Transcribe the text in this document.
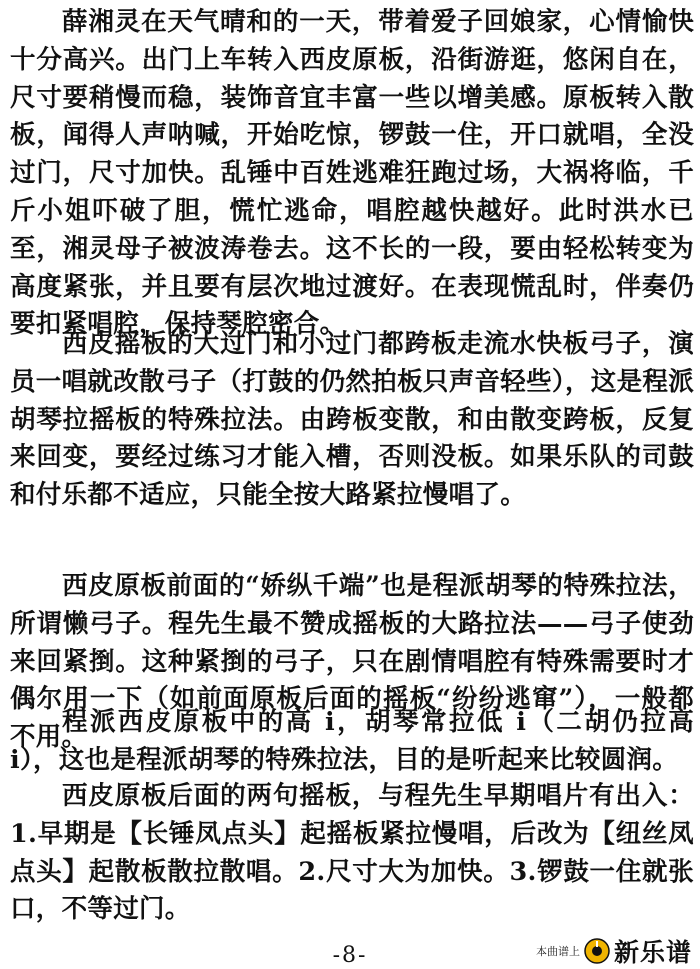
薛湘灵在天气晴和的一天，带着爱子回娘家，心情愉快十分高兴。出门上车转入西皮原板，沿街游逛，悠闲自在，尺寸要稍慢而稳，装饰音宜丰富一些以增美感。原板转入散板，闻得人声呐喊，开始吃惊，锣鼓一住，开口就唱，全没过门，尺寸加快。乱锤中百姓逃难狂跑过场，大祸将临，千斤小姐吓破了胆，慌忙逃命，唱腔越快越好。此时洪水已至，湘灵母子被波涛卷去。这不长的一段，要由轻松转变为高度紧张，并且要有层次地过渡好。在表现慌乱时，伴奏仍要扣紧唱腔，保持琴腔密合。

西皮摇板的大过门和小过门都跨板走流水快板弓子，演员一唱就改散弓子（打鼓的仍然拍板只声音轻些），这是程派胡琴拉摇板的特殊拉法。由跨板变散，和由散变跨板，反复来回变，要经过练习才能入槽，否则没板。如果乐队的司鼓和付乐都不适应，只能全按大路紧拉慢唱了。

西皮原板前面的“娇纵千端”也是程派胡琴的特殊拉法，所谓懒弓子。程先生最不赞成摇板的大路拉法——弓子使劲来回紧捯。这种紧捯的弓子，只在剧情唱腔有特殊需要时才偶尔用一下（如前面原板后面的摇板“纷纷逃窜”），一般都不用。

程派西皮原板中的高 i，胡琴常拉低 i（二胡仍拉高 i），这也是程派胡琴的特殊拉法，目的是听起来比较圆润。

西皮原板后面的两句摇板，与程先生早期唱片有出入：1.早期是【长锤凤点头】起摇板紧拉慢唱，后改为【纽丝凤点头】起散板散拉散唱。2.尺寸大为加快。3.锣鼓一住就张口，不等过门。

-8-	本曲谱上 新乐谱
